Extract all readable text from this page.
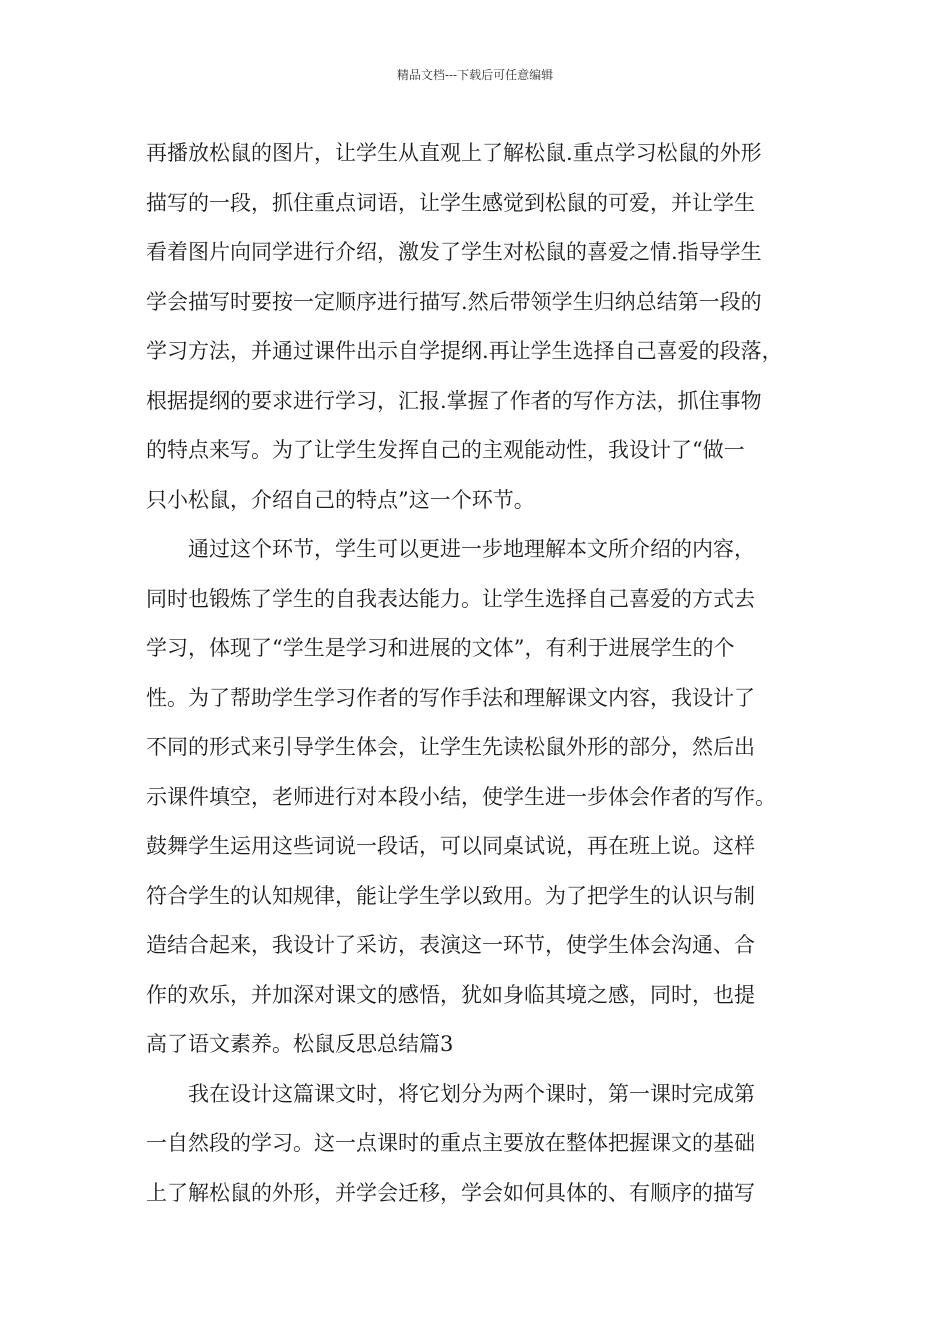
精品文档---下载后可任意编辑
再播放松鼠的图片，让学生从直观上了解松鼠.重点学习松鼠的外形
描写的一段，抓住重点词语，让学生感觉到松鼠的可爱，并让学生
看着图片向同学进行介绍，激发了学生对松鼠的喜爱之情.指导学生
学会描写时要按一定顺序进行描写.然后带领学生归纳总结第一段的
学习方法，并通过课件出示自学提纲.再让学生选择自己喜爱的段落，
根据提纲的要求进行学习，汇报.掌握了作者的写作方法，抓住事物
的特点来写。为了让学生发挥自己的主观能动性，我设计了“做一
只小松鼠，介绍自己的特点”这一个环节。
通过这个环节，学生可以更进一步地理解本文所介绍的内容，
同时也锻炼了学生的自我表达能力。让学生选择自己喜爱的方式去
学习，体现了“学生是学习和进展的文体”，有利于进展学生的个
性。为了帮助学生学习作者的写作手法和理解课文内容，我设计了
不同的形式来引导学生体会，让学生先读松鼠外形的部分，然后出
示课件填空，老师进行对本段小结，使学生进一步体会作者的写作。
鼓舞学生运用这些词说一段话，可以同桌试说，再在班上说。这样
符合学生的认知规律，能让学生学以致用。为了把学生的认识与制
造结合起来，我设计了采访，表演这一环节，使学生体会沟通、合
作的欢乐，并加深对课文的感悟，犹如身临其境之感，同时，也提
高了语文素养。松鼠反思总结篇3
我在设计这篇课文时，将它划分为两个课时，第一课时完成第
一自然段的学习。这一点课时的重点主要放在整体把握课文的基础
上了解松鼠的外形，并学会迁移，学会如何具体的、有顺序的描写
